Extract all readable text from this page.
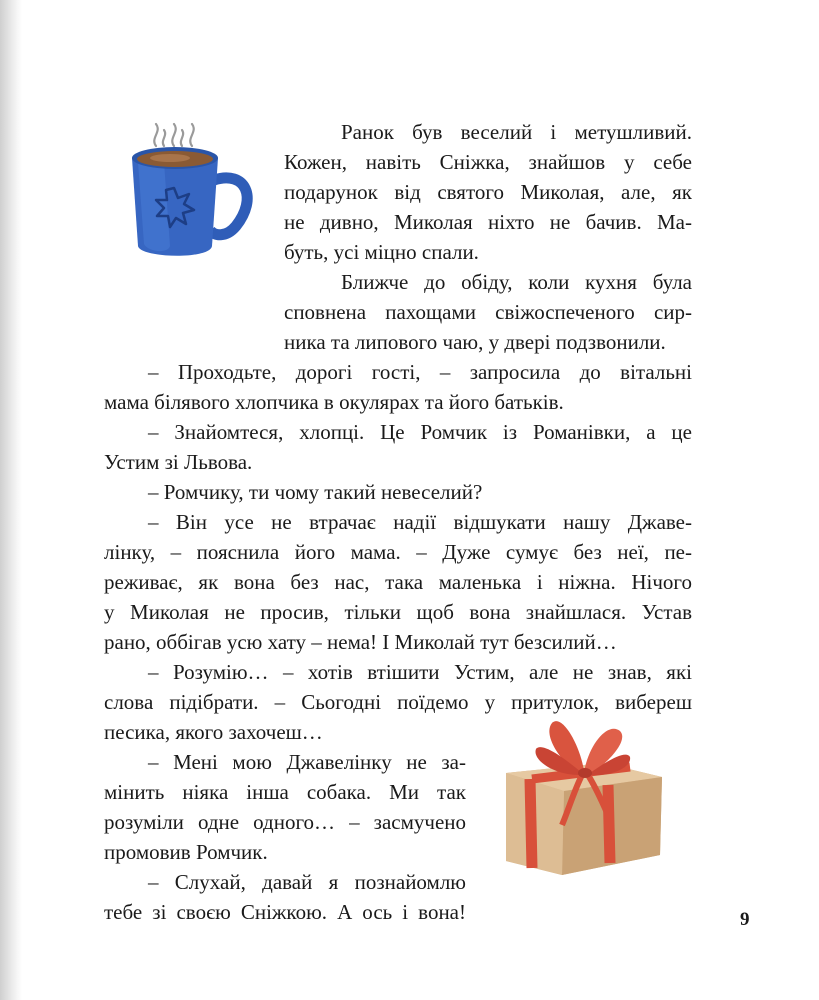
Ранок був веселий і метушливий.
Кожен, навіть Сніжка, знайшов у себе
подарунок від святого Миколая, але, як
не дивно, Миколая ніхто не бачив. Ма-
буть, усі міцно спали.
Ближче до обіду, коли кухня була
сповнена пахощами свіжоспеченого сир-
ника та липового чаю, у двері подзвонили.
– Проходьте, дорогі гості, – запросила до вітальні
мама білявого хлопчика в окулярах та його батьків.
– Знайомтеся, хлопці. Це Ромчик із Романівки, а це
Устим зі Львова.
– Ромчику, ти чому такий невеселий?
– Він усе не втрачає надії відшукати нашу Джаве-
лінку, – пояснила його мама. – Дуже сумує без неї, пе-
реживає, як вона без нас, така маленька і ніжна. Нічого
у Миколая не просив, тільки щоб вона знайшлася. Устав
рано, оббігав усю хату – нема! І Миколай тут безсилий…
– Розумію… – хотів втішити Устим, але не знав, які
слова підібрати. – Сьогодні поїдемо у притулок, вибереш
песика, якого захочеш…
– Мені мою Джавелінку не за-
мінить ніяка інша собака. Ми так
розуміли одне одного… – засмучено
промовив Ромчик.
– Слухай, давай я познайомлю
тебе зі своєю Сніжкою. А ось і вона!	9
